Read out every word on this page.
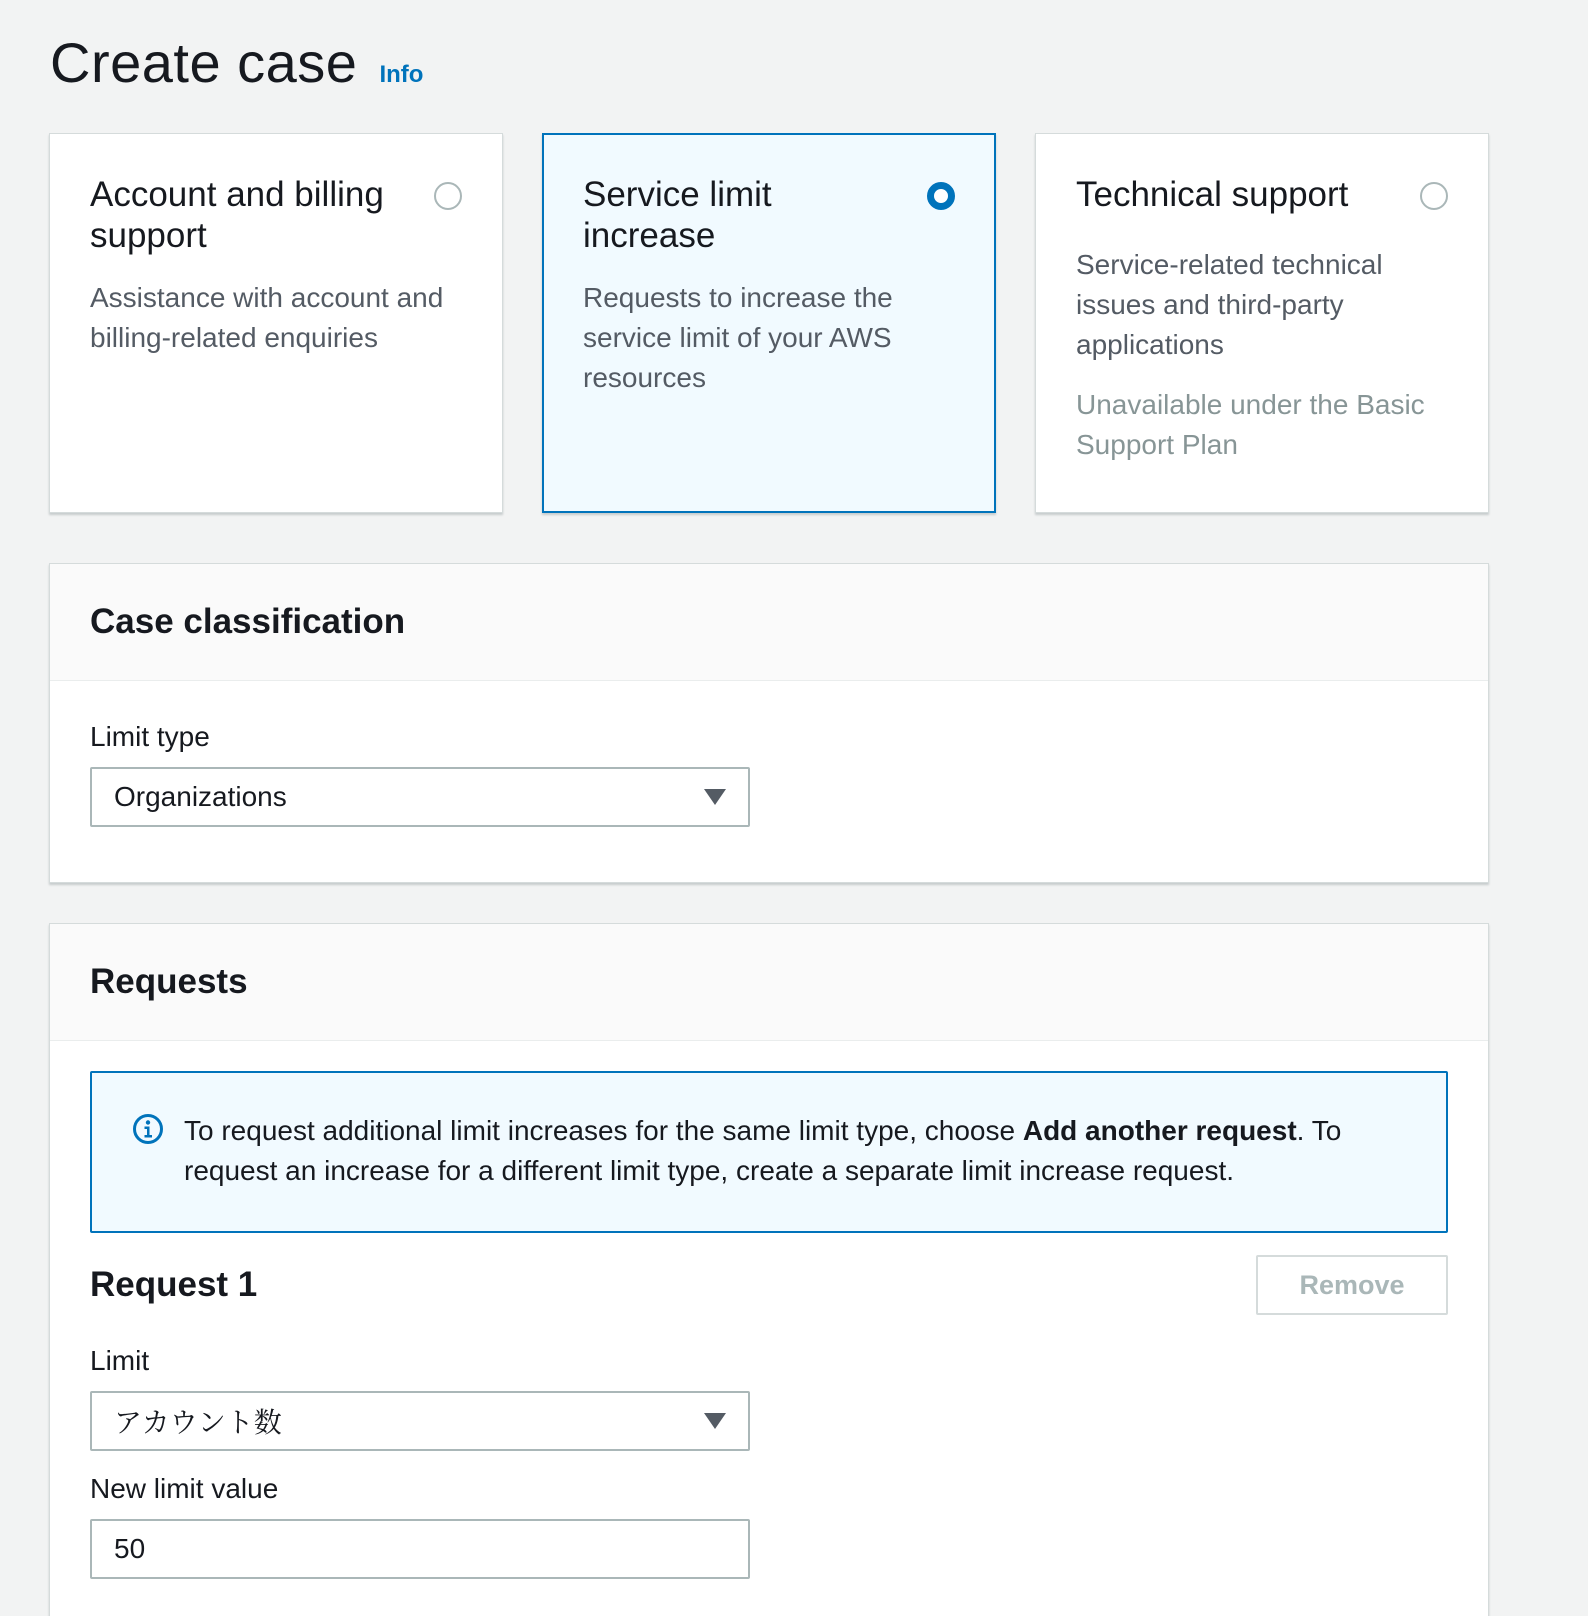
Create case Info
Account and billing support
Assistance with account and billing-related enquiries
Service limit increase
Requests to increase the service limit of your AWS resources
Technical support
Service-related technical issues and third-party applications
Unavailable under the Basic Support Plan
Case classification
Limit type
Organizations
Requests

To request additional limit increases for the same limit type, choose Add another request. To request an increase for a different limit type, create a separate limit increase request.

Request 1	Remove
Limit
アカウント数
New limit value
50
